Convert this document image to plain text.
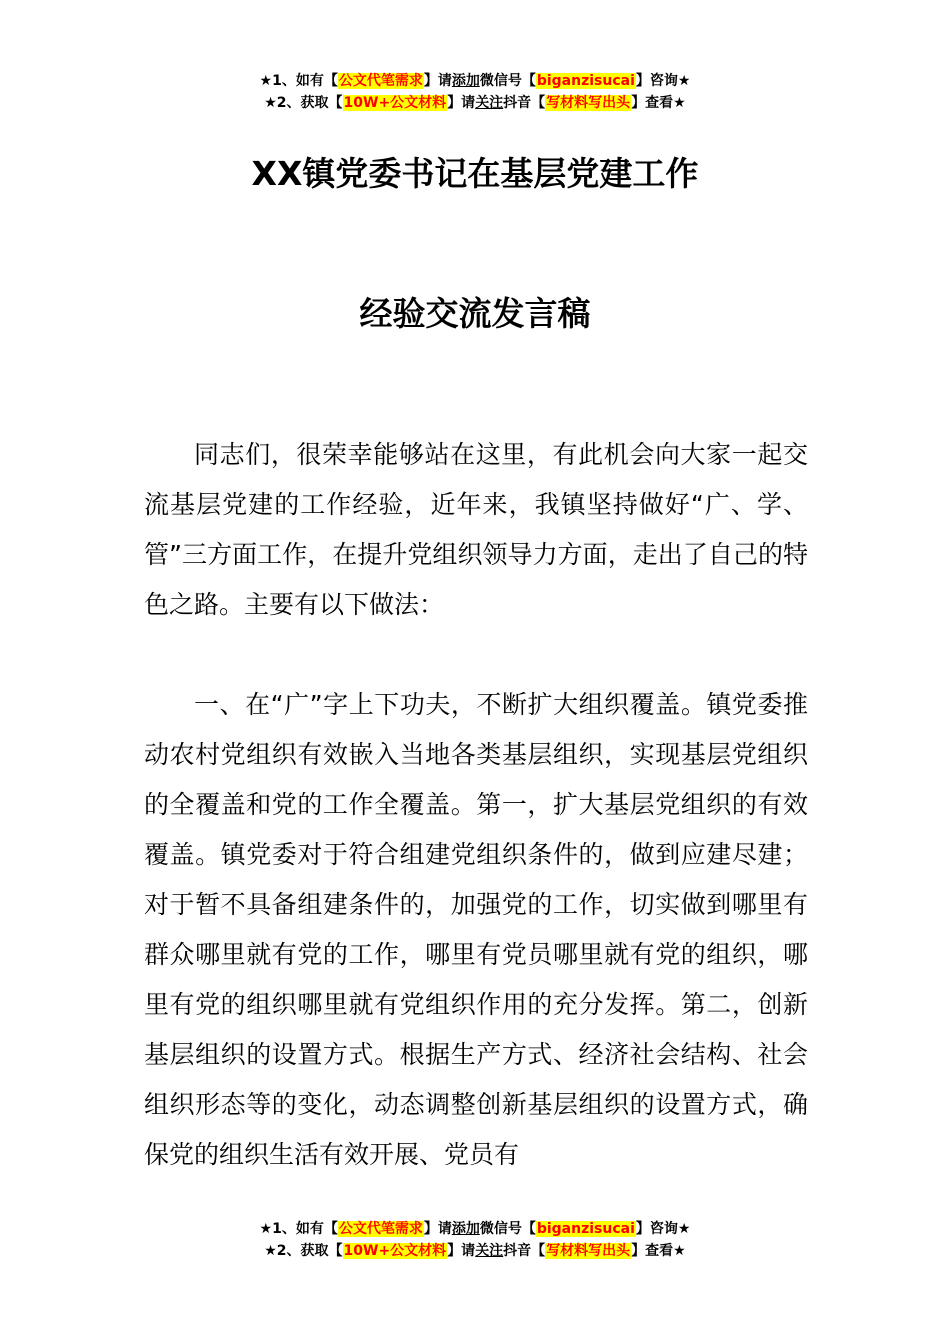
★1、如有【公文代笔需求】请添加微信号【biganzisucai】咨询★
★2、获取【10W+公文材料】请关注抖音【写材料写出头】查看★
XX镇党委书记在基层党建工作
经验交流发言稿

同志们，很荣幸能够站在这里，有此机会向大家一起交流基层党建的工作经验，近年来，我镇坚持做好“广、学、管”三方面工作，在提升党组织领导力方面，走出了自己的特色之路。主要有以下做法：

一、在“广”字上下功夫，不断扩大组织覆盖。镇党委推动农村党组织有效嵌入当地各类基层组织，实现基层党组织的全覆盖和党的工作全覆盖。第一，扩大基层党组织的有效覆盖。镇党委对于符合组建党组织条件的，做到应建尽建；对于暂不具备组建条件的，加强党的工作，切实做到哪里有群众哪里就有党的工作，哪里有党员哪里就有党的组织，哪里有党的组织哪里就有党组织作用的充分发挥。第二，创新基层组织的设置方式。根据生产方式、经济社会结构、社会组织形态等的变化，动态调整创新基层组织的设置方式，确保党的组织生活有效开展、党员有

★1、如有【公文代笔需求】请添加微信号【biganzisucai】咨询★
★2、获取【10W+公文材料】请关注抖音【写材料写出头】查看★
